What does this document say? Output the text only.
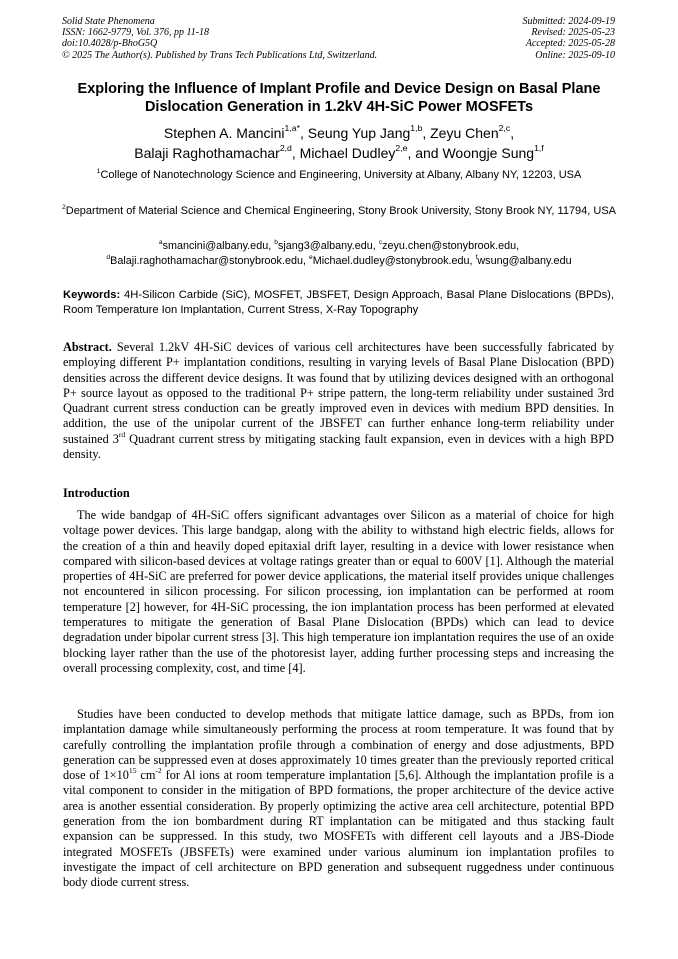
Solid State Phenomena
ISSN: 1662-9779, Vol. 376, pp 11-18
doi:10.4028/p-BhoG5Q
© 2025 The Author(s). Published by Trans Tech Publications Ltd, Switzerland.
Submitted: 2024-09-19
Revised: 2025-05-23
Accepted: 2025-05-28
Online: 2025-09-10
Exploring the Influence of Implant Profile and Device Design on Basal Plane Dislocation Generation in 1.2kV 4H-SiC Power MOSFETs
Stephen A. Mancini$^{1,a*}$, Seung Yup Jang$^{1,b}$, Zeyu Chen$^{2,c}$,
Balaji Raghothamachar$^{2,d}$, Michael Dudley$^{2,e}$, and Woongje Sung$^{1,f}$
$^1$College of Nanotechnology Science and Engineering, University at Albany, Albany NY, 12203, USA
$^2$Department of Material Science and Chemical Engineering, Stony Brook University, Stony Brook NY, 11794, USA
$^a$smancini@albany.edu, $^b$sjang3@albany.edu, $^c$zeyu.chen@stonybrook.edu,
$^d$Balaji.raghothamachar@stonybrook.edu, $^e$Michael.dudley@stonybrook.edu, $^f$wsung@albany.edu
Keywords: 4H-Silicon Carbide (SiC), MOSFET, JBSFET, Design Approach, Basal Plane Dislocations (BPDs), Room Temperature Ion Implantation, Current Stress, X-Ray Topography
Abstract. Several 1.2kV 4H-SiC devices of various cell architectures have been successfully fabricated by employing different P+ implantation conditions, resulting in varying levels of Basal Plane Dislocation (BPD) densities across the different device designs. It was found that by utilizing devices designed with an orthogonal P+ source layout as opposed to the traditional P+ stripe pattern, the long-term reliability under sustained 3rd Quadrant current stress conduction can be greatly improved even in devices with medium BPD densities. In addition, the use of the unipolar current of the JBSFET can further enhance long-term reliability under sustained 3rd Quadrant current stress by mitigating stacking fault expansion, even in devices with a high BPD density.
Introduction
The wide bandgap of 4H-SiC offers significant advantages over Silicon as a material of choice for high voltage power devices. This large bandgap, along with the ability to withstand high electric fields, allows for the creation of a thin and heavily doped epitaxial drift layer, resulting in a device with lower resistance when compared with silicon-based devices at voltage ratings greater than or equal to 600V [1]. Although the material properties of 4H-SiC are preferred for power device applications, the material itself provides unique challenges not encountered in silicon processing. For silicon processing, ion implantation can be performed at room temperature [2] however, for 4H-SiC processing, the ion implantation process has been performed at elevated temperatures to mitigate the generation of Basal Plane Dislocation (BPDs) which can lead to device degradation under bipolar current stress [3]. This high temperature ion implantation requires the use of an oxide blocking layer rather than the use of the photoresist layer, adding further processing steps and increasing the overall processing complexity, cost, and time [4].
Studies have been conducted to develop methods that mitigate lattice damage, such as BPDs, from ion implantation damage while simultaneously performing the process at room temperature. It was found that by carefully controlling the implantation profile through a combination of energy and dose adjustments, BPD generation can be suppressed even at doses approximately 10 times greater than the previously reported critical dose of $1\times 10^{15}$ $cm^{-2}$ for Al ions at room temperature implantation [5,6]. Although the implantation profile is a vital component to consider in the mitigation of BPD formations, the proper architecture of the device active area is another essential consideration. By properly optimizing the active area cell architecture, potential BPD generation from the ion bombardment during RT implantation can be mitigated and thus stacking fault expansion can be suppressed. In this study, two MOSFETs with different cell layouts and a JBS-Diode integrated MOSFETs (JBSFETs) were examined under various aluminum ion implantation profiles to investigate the impact of cell architecture on BPD generation and subsequent ruggedness under continuous body diode current stress.
